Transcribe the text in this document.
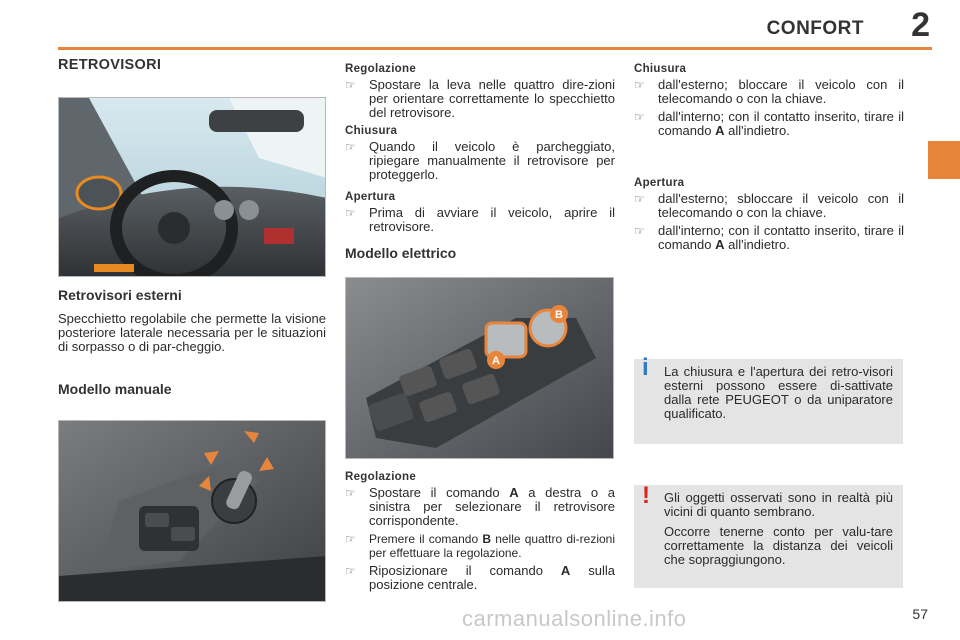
CONFORT 2
RETROVISORI
Retrovisori esterni

Specchietto regolabile che permette la visione posteriore laterale necessaria per le situazioni di sorpasso o di par-cheggio.

Modello manuale
Regolazione
☞ Spostare la leva nelle quattro dire-zioni per orientare correttamente lo specchietto del retrovisore.
Chiusura
☞ Quando il veicolo è parcheggiato, ripiegare manualmente il retrovisore per proteggerlo.
Apertura
☞ Prima di avviare il veicolo, aprire il retrovisore.
Modello elettrico
A
B
Regolazione
☞ Spostare il comando A a destra o a sinistra per selezionare il retrovisore corrispondente.
☞ Premere il comando B nelle quattro di-rezioni per effettuare la regolazione.
☞ Riposizionare il comando A sulla posizione centrale.
Chiusura
☞ dall'esterno; bloccare il veicolo con il telecomando o con la chiave.
☞ dall'interno; con il contatto inserito, tirare il comando A all'indietro.
Apertura
☞ dall'esterno; sbloccare il veicolo con il telecomando o con la chiave.
☞ dall'interno; con il contatto inserito, tirare il comando A all'indietro.
i La chiusura e l'apertura dei retro-visori esterni possono essere di-sattivate dalla rete PEUGEOT o da uniparatore qualificato.

! Gli oggetti osservati sono in realtà più vicini di quanto sembrano.

Occorre tenerne conto per valu-tare correttamente la distanza dei veicoli che sopraggiungono.

carmanualsonline.info	57
